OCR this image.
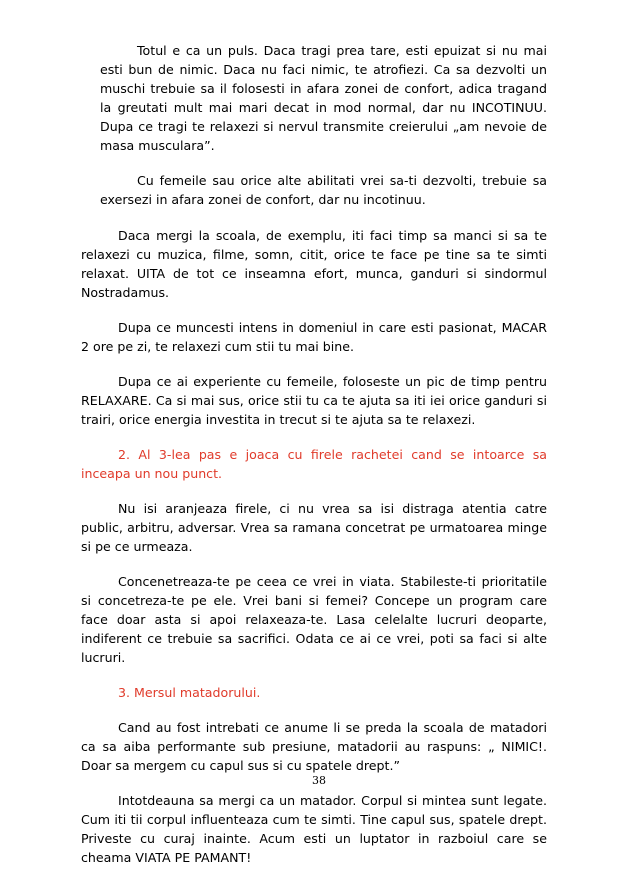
Totul e ca un puls. Daca tragi prea tare, esti epuizat si nu mai esti bun de nimic. Daca nu faci nimic, te atrofiezi. Ca sa dezvolti un muschi trebuie sa il folosesti in afara zonei de confort, adica tragand la greutati mult mai mari decat in mod normal, dar nu INCOTINUU. Dupa ce tragi te relaxezi si nervul transmite creierului „am nevoie de masa musculara”.

Cu femeile sau orice alte abilitati vrei sa-ti dezvolti, trebuie sa exersezi in afara zonei de confort, dar nu incotinuu.

Daca mergi la scoala, de exemplu, iti faci timp sa manci si sa te relaxezi cu muzica, filme, somn, citit, orice te face pe tine sa te simti relaxat. UITA de tot ce inseamna efort, munca, ganduri si sindormul Nostradamus.

Dupa ce muncesti intens in domeniul in care esti pasionat, MACAR 2 ore pe zi, te relaxezi cum stii tu mai bine.

Dupa ce ai experiente cu femeile, foloseste un pic de timp pentru RELAXARE. Ca si mai sus, orice stii tu ca te ajuta sa iti iei orice ganduri si trairi, orice energia investita in trecut si te ajuta sa te relaxezi.

2. Al 3-lea pas e joaca cu firele rachetei cand se intoarce sa inceapa un nou punct.

Nu isi aranjeaza firele, ci nu vrea sa isi distraga atentia catre public, arbitru, adversar. Vrea sa ramana concetrat pe urmatoarea minge si pe ce urmeaza.

Concenetreaza-te pe ceea ce vrei in viata. Stabileste-ti prioritatile si concetreza-te pe ele. Vrei bani si femei? Concepe un program care face doar asta si apoi relaxeaza-te. Lasa celelalte lucruri deoparte, indiferent ce trebuie sa sacrifici. Odata ce ai ce vrei, poti sa faci si alte lucruri.

3. Mersul matadorului.

Cand au fost intrebati ce anume li se preda la scoala de matadori ca sa aiba performante sub presiune, matadorii au raspuns: „ NIMIC!. Doar sa mergem cu capul sus si cu spatele drept.”

Intotdeauna sa mergi ca un matador. Corpul si mintea sunt legate. Cum iti tii corpul influenteaza cum te simti. Tine capul sus, spatele drept. Priveste cu curaj inainte. Acum esti un luptator in razboiul care se cheama VIATA PE PAMANT!

38
